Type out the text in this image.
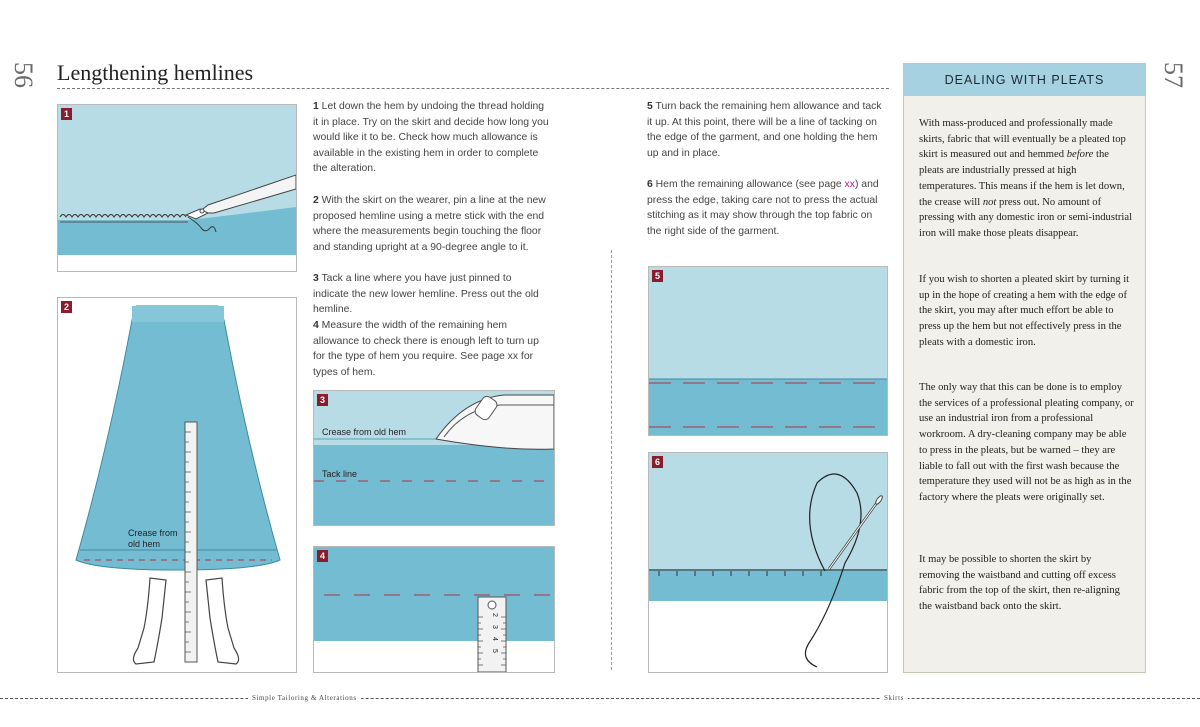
56	57
Lengthening hemlines
1
2
Crease from old hem
3
Crease from old hem
Tack line
4
2
3
4
5
5
6
1 Let down the hem by undoing the thread holding it in place. Try on the skirt and decide how long you would like it to be. Check how much allowance is available in the existing hem in order to complete the alteration.
2 With the skirt on the wearer, pin a line at the new proposed hemline using a metre stick with the end where the measurements begin touching the floor and standing upright at a 90-degree angle to it.
3 Tack a line where you have just pinned to indicate the new lower hemline. Press out the old hemline.
4 Measure the width of the remaining hem allowance to check there is enough left to turn up for the type of hem you require. See page xx for types of hem.
5 Turn back the remaining hem allowance and tack it up. At this point, there will be a line of tacking on the edge of the garment, and one holding the hem up and in place.
6 Hem the remaining allowance (see page xx) and press the edge, taking care not to press the actual stitching as it may show through the top fabric on the right side of the garment.
DEALING WITH PLEATS
With mass-produced and professionally made skirts, fabric that will eventually be a pleated top skirt is measured out and hemmed before the pleats are industrially pressed at high temperatures. This means if the hem is let down, the crease will not press out. No amount of pressing with any domestic iron or semi-industrial iron will make those pleats disappear.
If you wish to shorten a pleated skirt by turning it up in the hope of creating a hem with the edge of the skirt, you may after much effort be able to press up the hem but not effectively press in the pleats with a domestic iron.
The only way that this can be done is to employ the services of a professional pleating company, or use an industrial iron from a professional workroom. A dry-cleaning company may be able to press in the pleats, but be warned – they are liable to fall out with the first wash because the temperature they used will not be as high as in the factory where the pleats were originally set.
It may be possible to shorten the skirt by removing the waistband and cutting off excess fabric from the top of the skirt, then re-aligning the waistband back onto the skirt.
Simple Tailoring & Alterations	Skirts
